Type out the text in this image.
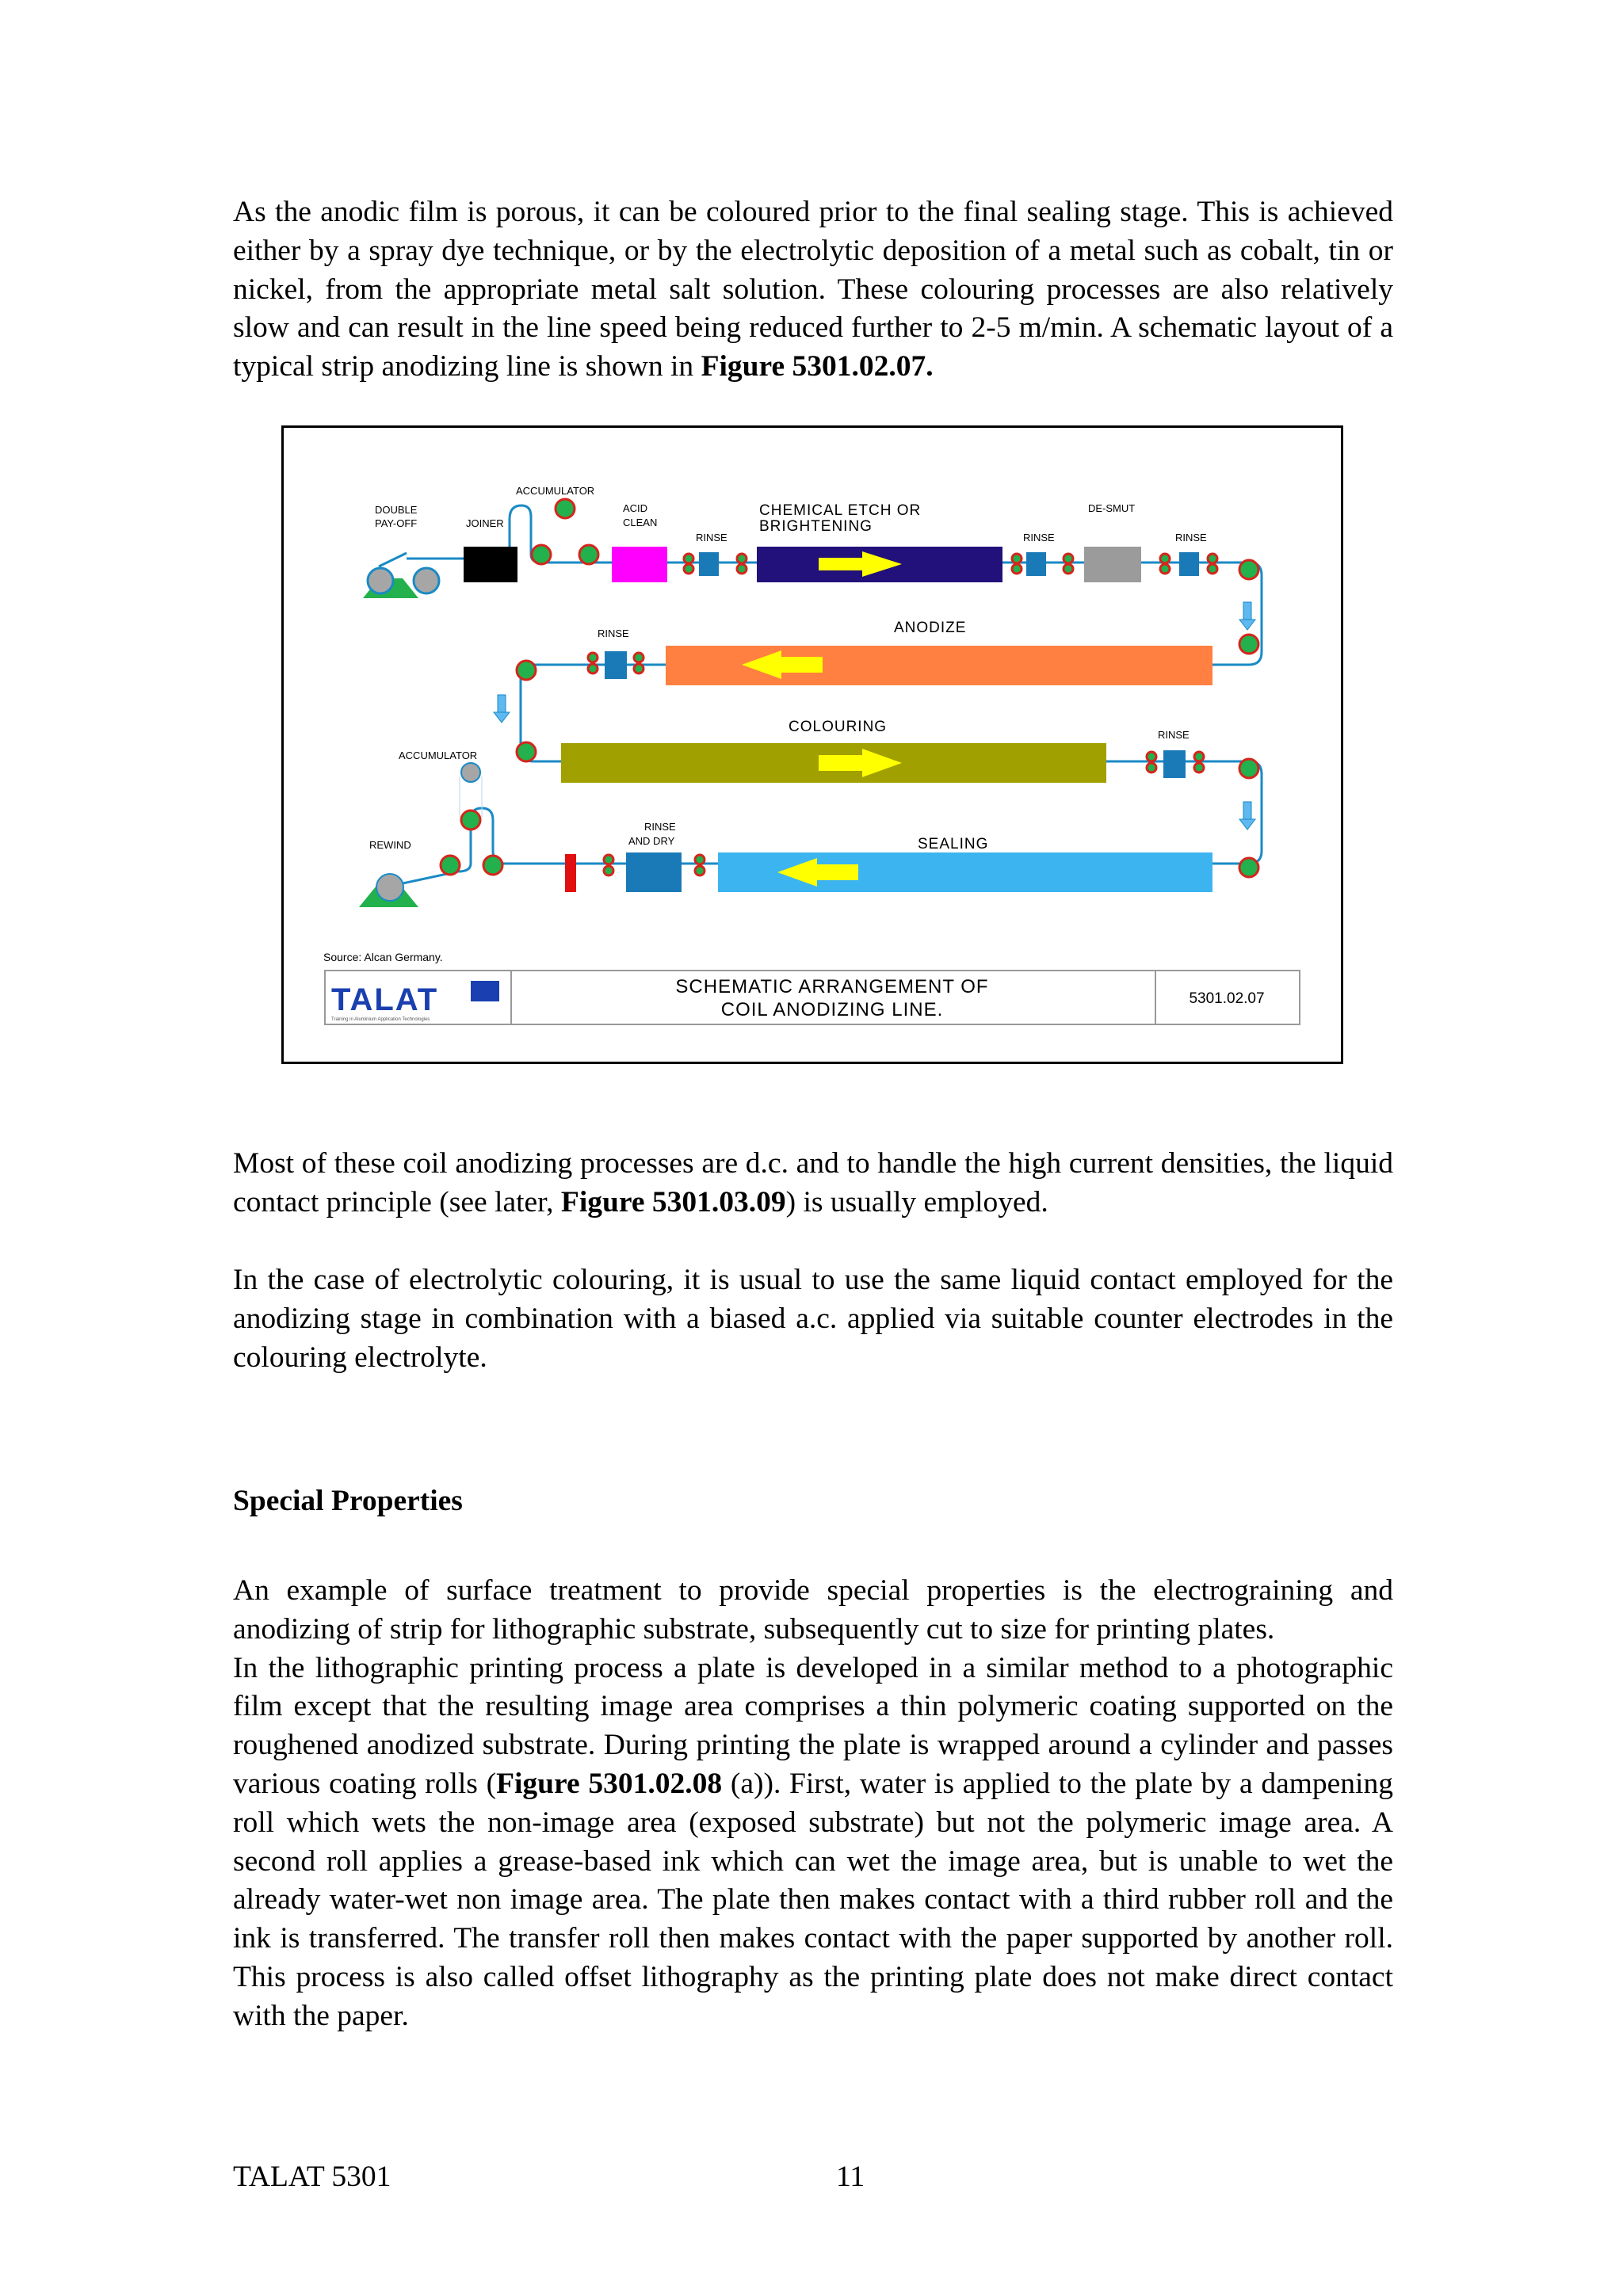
As the anodic film is porous, it can be coloured prior to the final sealing stage. This is achieved either by a spray dye technique, or by the electrolytic deposition of a metal such as cobalt, tin or nickel, from the appropriate metal salt solution. These colouring processes are also relatively slow and can result in the line speed being reduced further to 2-5 m/min. A schematic layout of a typical strip anodizing line is shown in Figure 5301.02.07.

DOUBLE
PAY-OFF	JOINER
ACCUMULATOR
ACID
CLEAN
RINSE
CHEMICAL ETCH OR
BRIGHTENING
RINSE
DE-SMUT
RINSE
RINSE	ANODIZE
COLOURING	RINSE
ACCUMULATOR
REWIND
RINSE
AND DRY	SEALING
Source: Alcan Germany.
TALAT
Training in Aluminium Application Technologies
SCHEMATIC ARRANGEMENT OF
COIL ANODIZING LINE.
5301.02.07

Most of these coil anodizing processes are d.c. and to handle the high current densities, the liquid contact principle (see later, Figure 5301.03.09) is usually employed.

In the case of electrolytic colouring, it is usual to use the same liquid contact employed for the anodizing stage in combination with a biased a.c. applied via suitable counter electrodes in the colouring electrolyte.

Special Properties

An example of surface treatment to provide special properties is the electrograining and anodizing of strip for lithographic substrate, subsequently cut to size for printing plates.
In the lithographic printing process a plate is developed in a similar method to a photographic film except that the resulting image area comprises a thin polymeric coating supported on the roughened anodized substrate. During printing the plate is wrapped around a cylinder and passes various coating rolls (Figure 5301.02.08 (a)). First, water is applied to the plate by a dampening roll which wets the non-image area (exposed substrate) but not the polymeric image area. A second roll applies a grease-based ink which can wet the image area, but is unable to wet the already water-wet non image area. The plate then makes contact with a third rubber roll and the ink is transferred. The transfer roll then makes contact with the paper supported by another roll. This process is also called offset lithography as the printing plate does not make direct contact with the paper.

TALAT 5301	11
